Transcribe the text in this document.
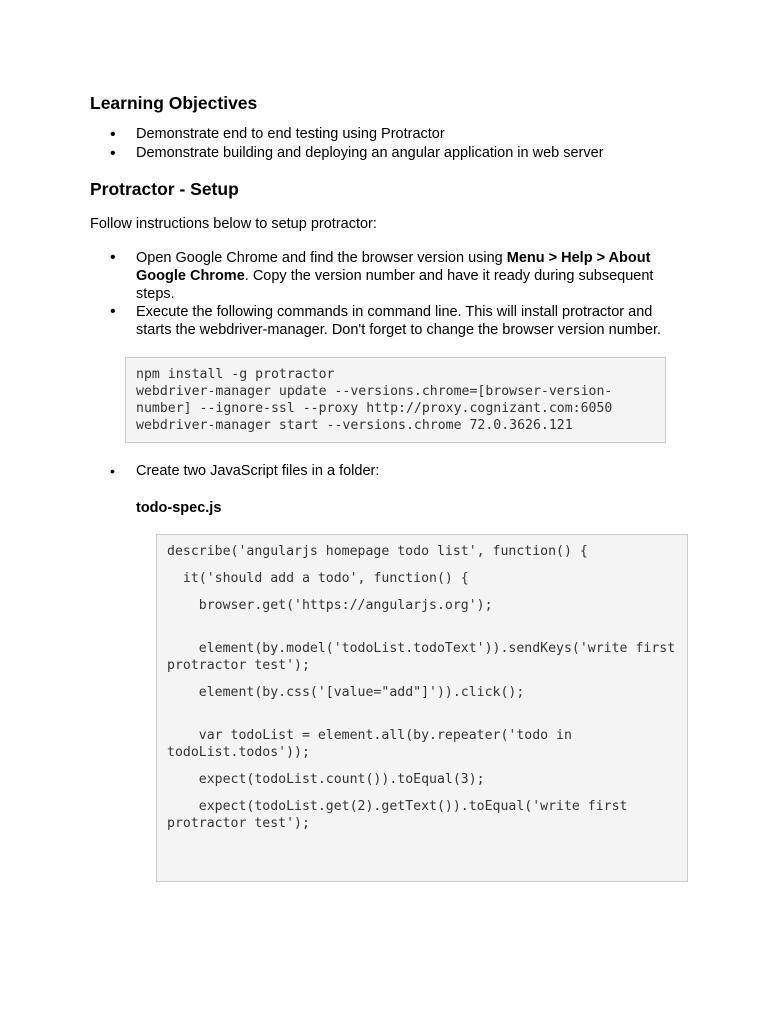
Learning Objectives
• Demonstrate end to end testing using Protractor
• Demonstrate building and deploying an angular application in web server
Protractor - Setup

Follow instructions below to setup protractor:

• Open Google Chrome and find the browser version using Menu > Help > About Google Chrome. Copy the version number and have it ready during subsequent steps.
• Execute the following commands in command line. This will install protractor and starts the webdriver-manager. Don't forget to change the browser version number.
npm install -g protractor
webdriver-manager update --versions.chrome=[browser-version-number] --ignore-ssl --proxy http://proxy.cognizant.com:6050
webdriver-manager start --versions.chrome 72.0.3626.121
• Create two JavaScript files in a folder:
todo-spec.js
describe('angularjs homepage todo list', function() {
it('should add a todo', function() {
browser.get('https://angularjs.org');
element(by.model('todoList.todoText')).sendKeys('write first protractor test');
element(by.css('[value="add"]')).click();
var todoList = element.all(by.repeater('todo in todoList.todos'));
expect(todoList.count()).toEqual(3);
expect(todoList.get(2).getText()).toEqual('write first protractor test');
